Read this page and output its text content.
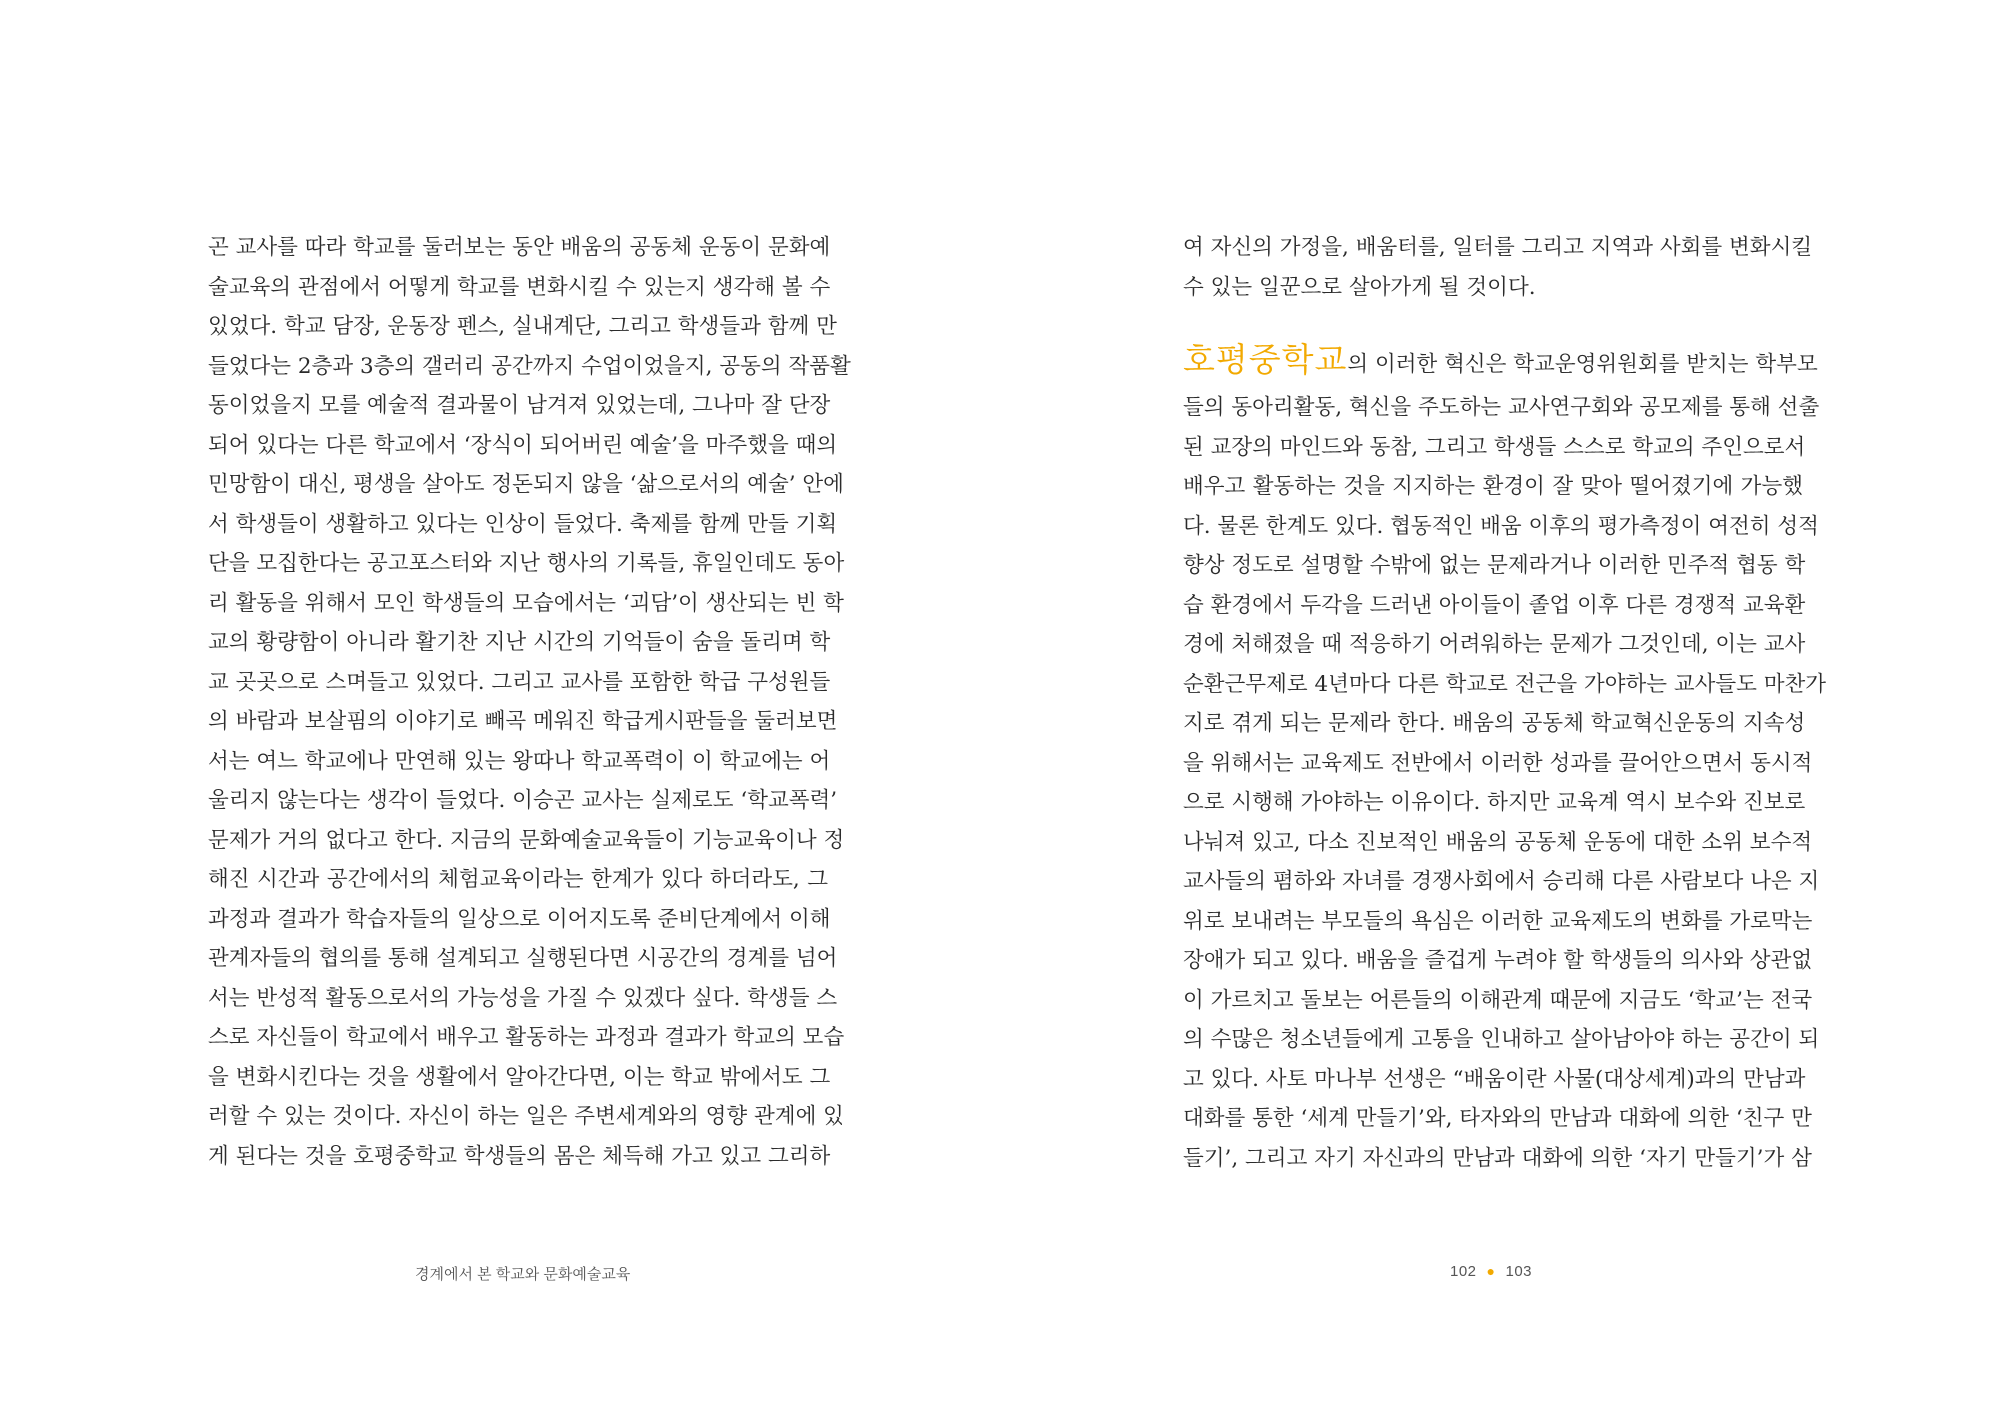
곤 교사를 따라 학교를 둘러보는 동안 배움의 공동체 운동이 문화예
술교육의 관점에서 어떻게 학교를 변화시킬 수 있는지 생각해 볼 수
있었다. 학교 담장, 운동장 펜스, 실내계단, 그리고 학생들과 함께 만
들었다는 2층과 3층의 갤러리 공간까지 수업이었을지, 공동의 작품활
동이었을지 모를 예술적 결과물이 남겨져 있었는데, 그나마 잘 단장
되어 있다는 다른 학교에서 ‘장식이 되어버린 예술’을 마주했을 때의
민망함이 대신, 평생을 살아도 정돈되지 않을 ‘삶으로서의 예술’ 안에
서 학생들이 생활하고 있다는 인상이 들었다. 축제를 함께 만들 기획
단을 모집한다는 공고포스터와 지난 행사의 기록들, 휴일인데도 동아
리 활동을 위해서 모인 학생들의 모습에서는 ‘괴담’이 생산되는 빈 학
교의 황량함이 아니라 활기찬 지난 시간의 기억들이 숨을 돌리며 학
교 곳곳으로 스며들고 있었다. 그리고 교사를 포함한 학급 구성원들
의 바람과 보살핌의 이야기로 빼곡 메워진 학급게시판들을 둘러보면
서는 여느 학교에나 만연해 있는 왕따나 학교폭력이 이 학교에는 어
울리지 않는다는 생각이 들었다. 이승곤 교사는 실제로도 ‘학교폭력’
문제가 거의 없다고 한다. 지금의 문화예술교육들이 기능교육이나 정
해진 시간과 공간에서의 체험교육이라는 한계가 있다 하더라도, 그
과정과 결과가 학습자들의 일상으로 이어지도록 준비단계에서 이해
관계자들의 협의를 통해 설계되고 실행된다면 시공간의 경계를 넘어
서는 반성적 활동으로서의 가능성을 가질 수 있겠다 싶다. 학생들 스
스로 자신들이 학교에서 배우고 활동하는 과정과 결과가 학교의 모습
을 변화시킨다는 것을 생활에서 알아간다면, 이는 학교 밖에서도 그
러할 수 있는 것이다. 자신이 하는 일은 주변세계와의 영향 관계에 있
게 된다는 것을 호평중학교 학생들의 몸은 체득해 가고 있고 그리하
경계에서 본 학교와 문화예술교육
여 자신의 가정을, 배움터를, 일터를 그리고 지역과 사회를 변화시킬
수 있는 일꾼으로 살아가게 될 것이다.
호평중학교의 이러한 혁신은 학교운영위원회를 받치는 학부모
들의 동아리활동, 혁신을 주도하는 교사연구회와 공모제를 통해 선출
된 교장의 마인드와 동참, 그리고 학생들 스스로 학교의 주인으로서
배우고 활동하는 것을 지지하는 환경이 잘 맞아 떨어졌기에 가능했
다. 물론 한계도 있다. 협동적인 배움 이후의 평가측정이 여전히 성적
향상 정도로 설명할 수밖에 없는 문제라거나 이러한 민주적 협동 학
습 환경에서 두각을 드러낸 아이들이 졸업 이후 다른 경쟁적 교육환
경에 처해졌을 때 적응하기 어려워하는 문제가 그것인데, 이는 교사
순환근무제로 4년마다 다른 학교로 전근을 가야하는 교사들도 마찬가
지로 겪게 되는 문제라 한다. 배움의 공동체 학교혁신운동의 지속성
을 위해서는 교육제도 전반에서 이러한 성과를 끌어안으면서 동시적
으로 시행해 가야하는 이유이다. 하지만 교육계 역시 보수와 진보로
나눠져 있고, 다소 진보적인 배움의 공동체 운동에 대한 소위 보수적
교사들의 폄하와 자녀를 경쟁사회에서 승리해 다른 사람보다 나은 지
위로 보내려는 부모들의 욕심은 이러한 교육제도의 변화를 가로막는
장애가 되고 있다. 배움을 즐겁게 누려야 할 학생들의 의사와 상관없
이 가르치고 돌보는 어른들의 이해관계 때문에 지금도 ‘학교’는 전국
의 수많은 청소년들에게 고통을 인내하고 살아남아야 하는 공간이 되
고 있다. 사토 마나부 선생은 “배움이란 사물(대상세계)과의 만남과
대화를 통한 ‘세계 만들기’와, 타자와의 만남과 대화에 의한 ‘친구 만
들기’, 그리고 자기 자신과의 만남과 대화에 의한 ‘자기 만들기’가 삼
102 ● 103
